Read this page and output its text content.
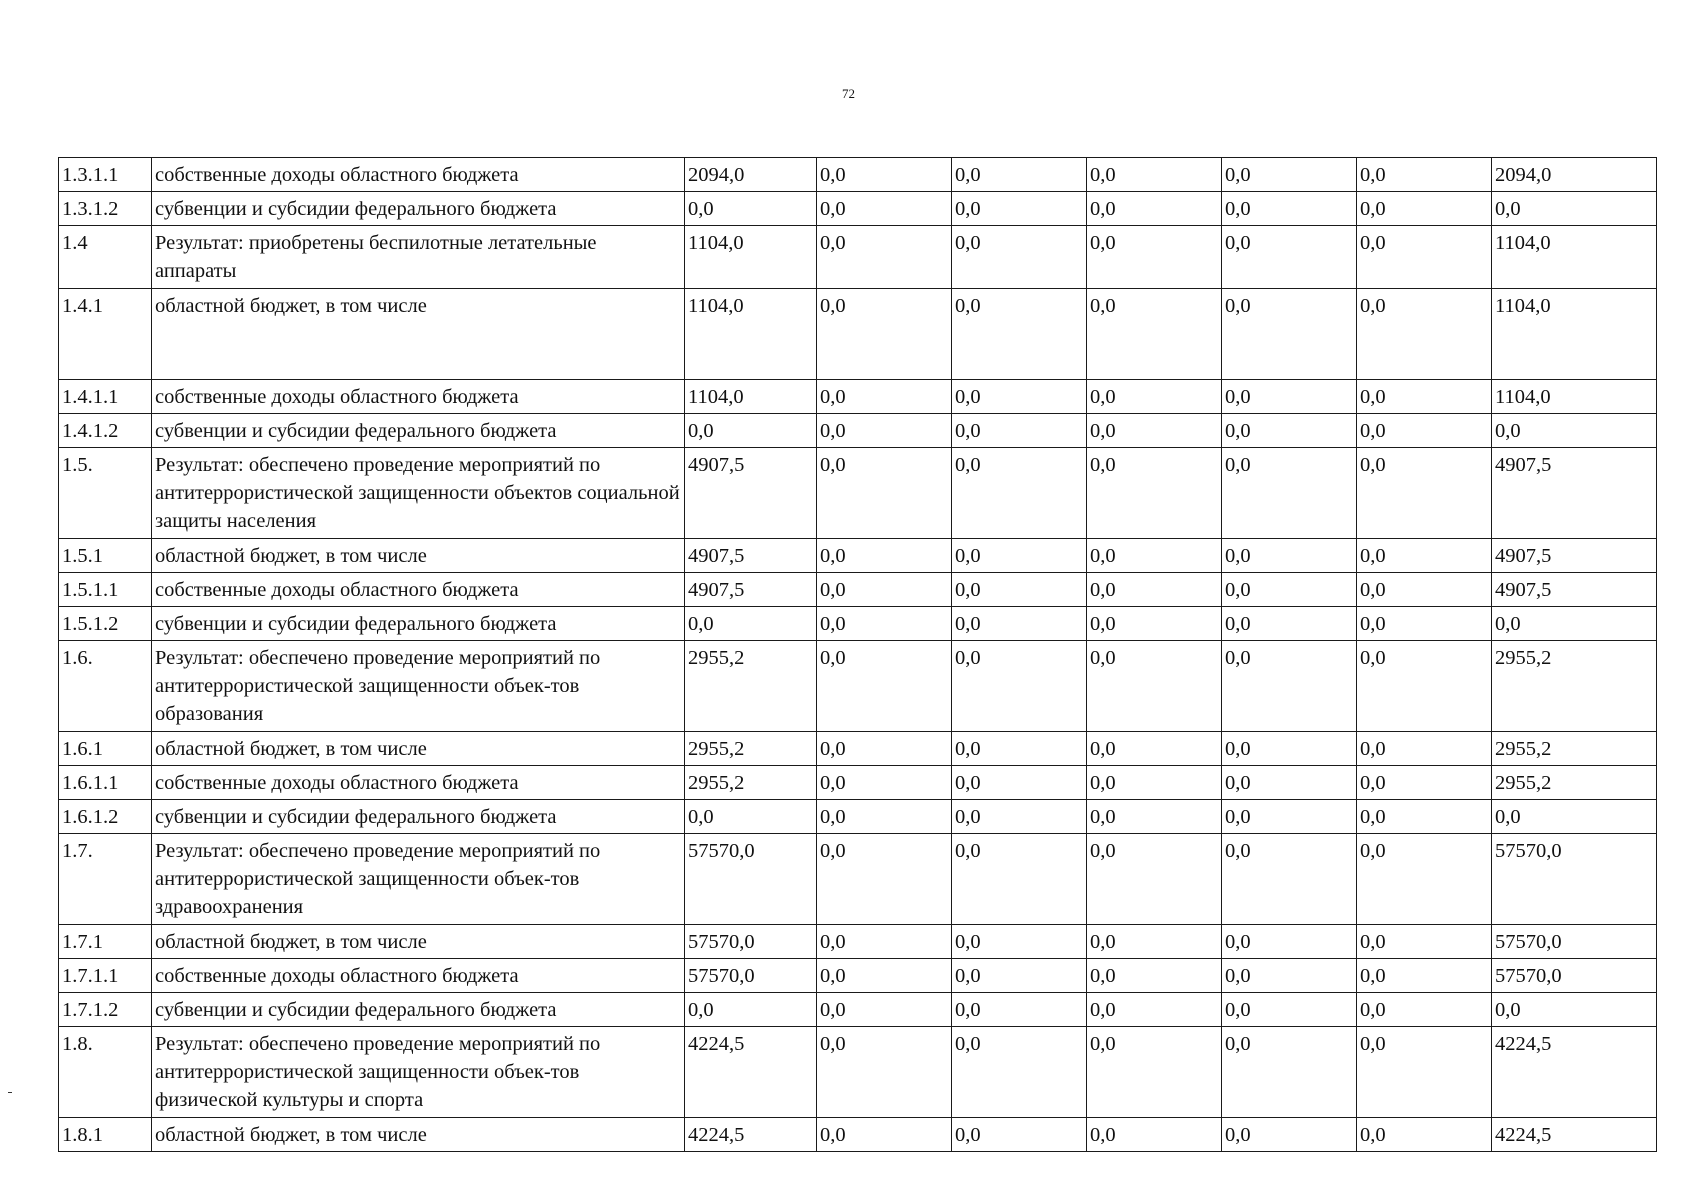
72
1.3.1.1	собственные доходы областного бюджета	2094,0	0,0	0,0	0,0	0,0	0,0	2094,0
1.3.1.2	субвенции и субсидии федерального бюджета	0,0	0,0	0,0	0,0	0,0	0,0	0,0
1.4	Результат: приобретены беспилотные летательные аппараты	1104,0	0,0	0,0	0,0	0,0	0,0	1104,0
1.4.1	областной бюджет, в том числе	1104,0	0,0	0,0	0,0	0,0	0,0	1104,0
1.4.1.1	собственные доходы областного бюджета	1104,0	0,0	0,0	0,0	0,0	0,0	1104,0
1.4.1.2	субвенции и субсидии федерального бюджета	0,0	0,0	0,0	0,0	0,0	0,0	0,0
1.5.	Результат: обеспечено проведение мероприятий по антитеррористической защищенности объектов социальной защиты населения	4907,5	0,0	0,0	0,0	0,0	0,0	4907,5
1.5.1	областной бюджет, в том числе	4907,5	0,0	0,0	0,0	0,0	0,0	4907,5
1.5.1.1	собственные доходы областного бюджета	4907,5	0,0	0,0	0,0	0,0	0,0	4907,5
1.5.1.2	субвенции и субсидии федерального бюджета	0,0	0,0	0,0	0,0	0,0	0,0	0,0
1.6.	Результат: обеспечено проведение мероприятий по антитеррористической защищенности объек-тов образования	2955,2	0,0	0,0	0,0	0,0	0,0	2955,2
1.6.1	областной бюджет, в том числе	2955,2	0,0	0,0	0,0	0,0	0,0	2955,2
1.6.1.1	собственные доходы областного бюджета	2955,2	0,0	0,0	0,0	0,0	0,0	2955,2
1.6.1.2	субвенции и субсидии федерального бюджета	0,0	0,0	0,0	0,0	0,0	0,0	0,0
1.7.	Результат: обеспечено проведение мероприятий по антитеррористической защищенности объек-тов здравоохранения	57570,0	0,0	0,0	0,0	0,0	0,0	57570,0
1.7.1	областной бюджет, в том числе	57570,0	0,0	0,0	0,0	0,0	0,0	57570,0
1.7.1.1	собственные доходы областного бюджета	57570,0	0,0	0,0	0,0	0,0	0,0	57570,0
1.7.1.2	субвенции и субсидии федерального бюджета	0,0	0,0	0,0	0,0	0,0	0,0	0,0
1.8.	Результат: обеспечено проведение мероприятий по антитеррористической защищенности объек-тов физической культуры и спорта	4224,5	0,0	0,0	0,0	0,0	0,0	4224,5
1.8.1	областной бюджет, в том числе	4224,5	0,0	0,0	0,0	0,0	0,0	4224,5
